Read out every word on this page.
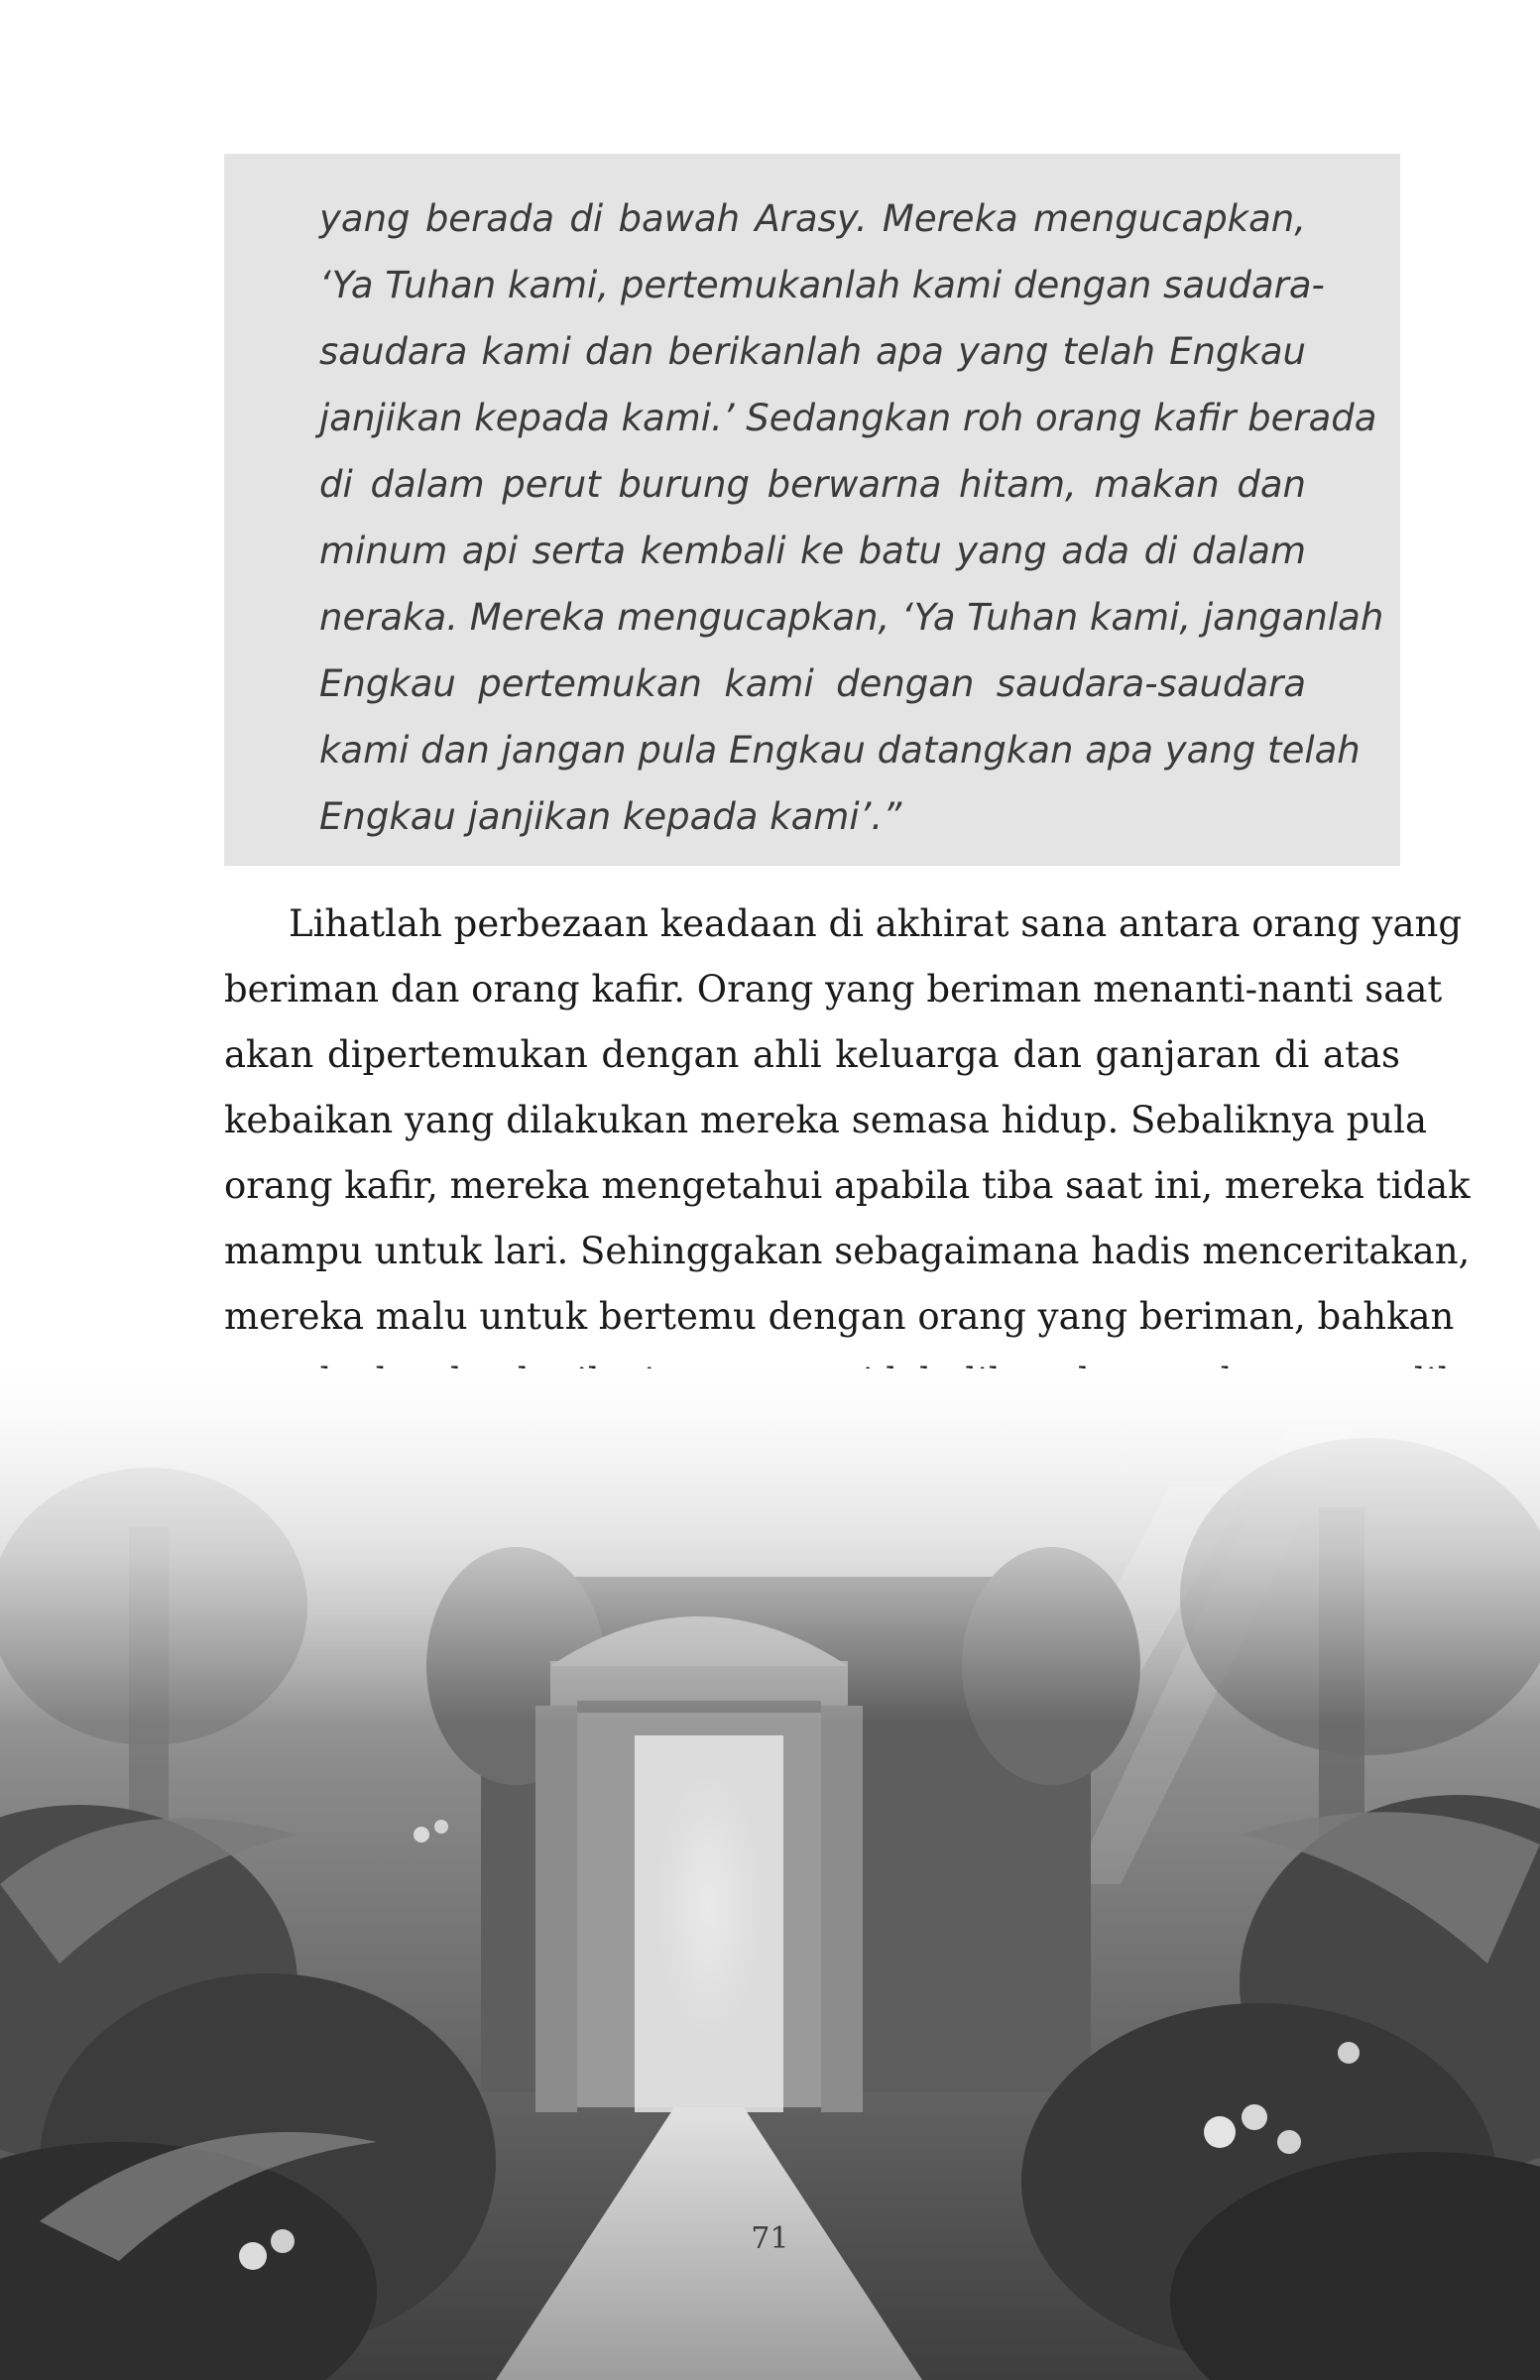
yang berada di bawah Arasy. Mereka mengucapkan,
‘Ya Tuhan kami, pertemukanlah kami dengan saudara-
saudara kami dan berikanlah apa yang telah Engkau
janjikan kepada kami.’ Sedangkan roh orang kafir berada
di dalam perut burung berwarna hitam, makan dan
minum api serta kembali ke batu yang ada di dalam
neraka. Mereka mengucapkan, ‘Ya Tuhan kami, janganlah
Engkau pertemukan kami dengan saudara-saudara
kami dan jangan pula Engkau datangkan apa yang telah
Engkau janjikan kepada kami’.”
Lihatlah perbezaan keadaan di akhirat sana antara orang yang
beriman dan orang kafir. Orang yang beriman menanti-nanti saat
akan dipertemukan dengan ahli keluarga dan ganjaran di atas
kebaikan yang dilakukan mereka semasa hidup. Sebaliknya pula
orang kafir, mereka mengetahui apabila tiba saat ini, mereka tidak
mampu untuk lari. Sehinggakan sebagaimana hadis menceritakan,
mereka malu untuk bertemu dengan orang yang beriman, bahkan
71
